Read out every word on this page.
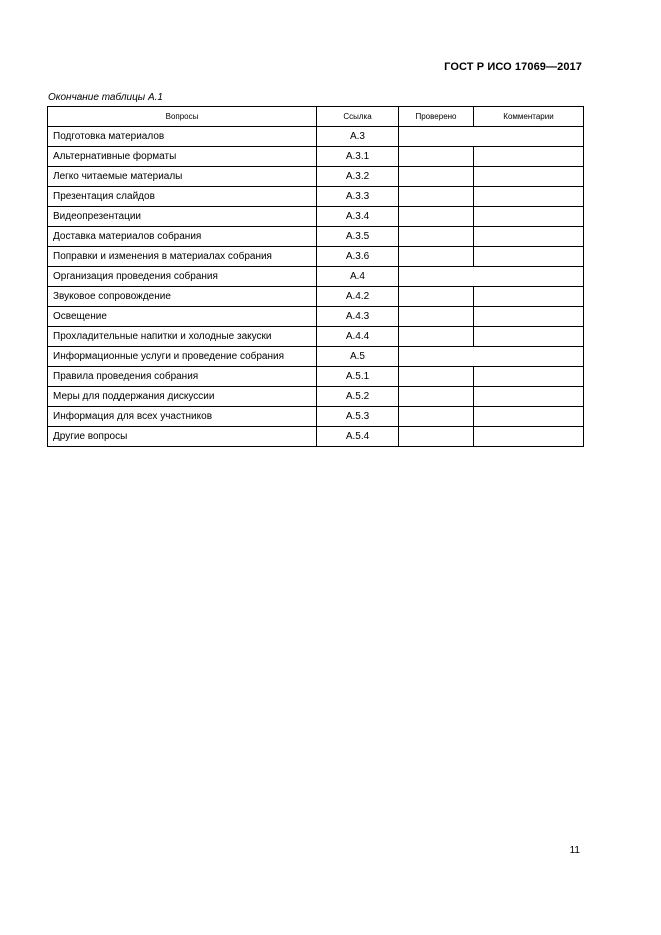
ГОСТ Р ИСО 17069—2017
Окончание таблицы А.1
Вопросы	Ссылка	Проверено	Комментарии
Подготовка материалов	А.3		
Альтернативные форматы	А.3.1		
Легко читаемые материалы	А.3.2		
Презентация слайдов	А.3.3		
Видеопрезентации	А.3.4		
Доставка материалов собрания	А.3.5		
Поправки и изменения в материалах собрания	А.3.6		
Организация проведения собрания	А.4		
Звуковое сопровождение	А.4.2		
Освещение	А.4.3		
Прохладительные напитки и холодные закуски	А.4.4		
Информационные услуги и проведение собрания	А.5		
Правила проведения собрания	А.5.1		
Меры для поддержания дискуссии	А.5.2		
Информация для всех участников	А.5.3		
Другие вопросы	А.5.4		
11
